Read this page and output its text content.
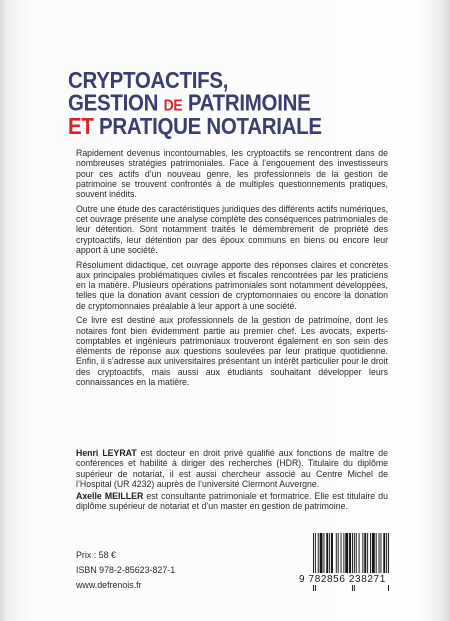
CRYPTOACTIFS,
GESTION DE PATRIMOINE
ET PRATIQUE NOTARIALE

Rapidement devenus incontournables, les cryptoactifs se rencontrent dans de nombreuses stratégies patrimoniales. Face à l’engouement des investisseurs pour ces actifs d’un nouveau genre, les professionnels de la gestion de patrimoine se trouvent confrontés à de multiples questionnements pratiques, souvent inédits.

Outre une étude des caractéristiques juridiques des différents actifs numériques, cet ouvrage présente une analyse complète des conséquences patrimoniales de leur détention. Sont notamment traités le démembrement de propriété des cryptoactifs, leur détention par des époux communs en biens ou encore leur apport à une société.

Résolument didactique, cet ouvrage apporte des réponses claires et concrètes aux principales problématiques civiles et fiscales rencontrées par les praticiens en la matière. Plusieurs opérations patrimoniales sont notamment développées, telles que la donation avant cession de cryptomonnaies ou encore la donation de cryptomonnaies préalable à leur apport à une société.

Ce livre est destiné aux professionnels de la gestion de patrimoine, dont les notaires font bien évidemment partie au premier chef. Les avocats, experts-comptables et ingénieurs patrimoniaux trouveront également en son sein des éléments de réponse aux questions soulevées par leur pratique quotidienne. Enfin, il s’adresse aux universitaires présentant un intérêt particulier pour le droit des cryptoactifs, mais aussi aux étudiants souhaitant développer leurs connaissances en la matière.

Henri LEYRAT est docteur en droit privé qualifié aux fonctions de maître de conférences et habilité à diriger des recherches (HDR). Titulaire du diplôme supérieur de notariat, il est aussi chercheur associé au Centre Michel de l’Hospital (UR 4232) auprès de l’université Clermont Auvergne.

Axelle MEILLER est consultante patrimoniale et formatrice. Elle est titulaire du diplôme supérieur de notariat et d’un master en gestion de patrimoine.

Prix : 58 €
ISBN 978-2-85623-827-1
www.defrenois.fr	9 782856 238271
